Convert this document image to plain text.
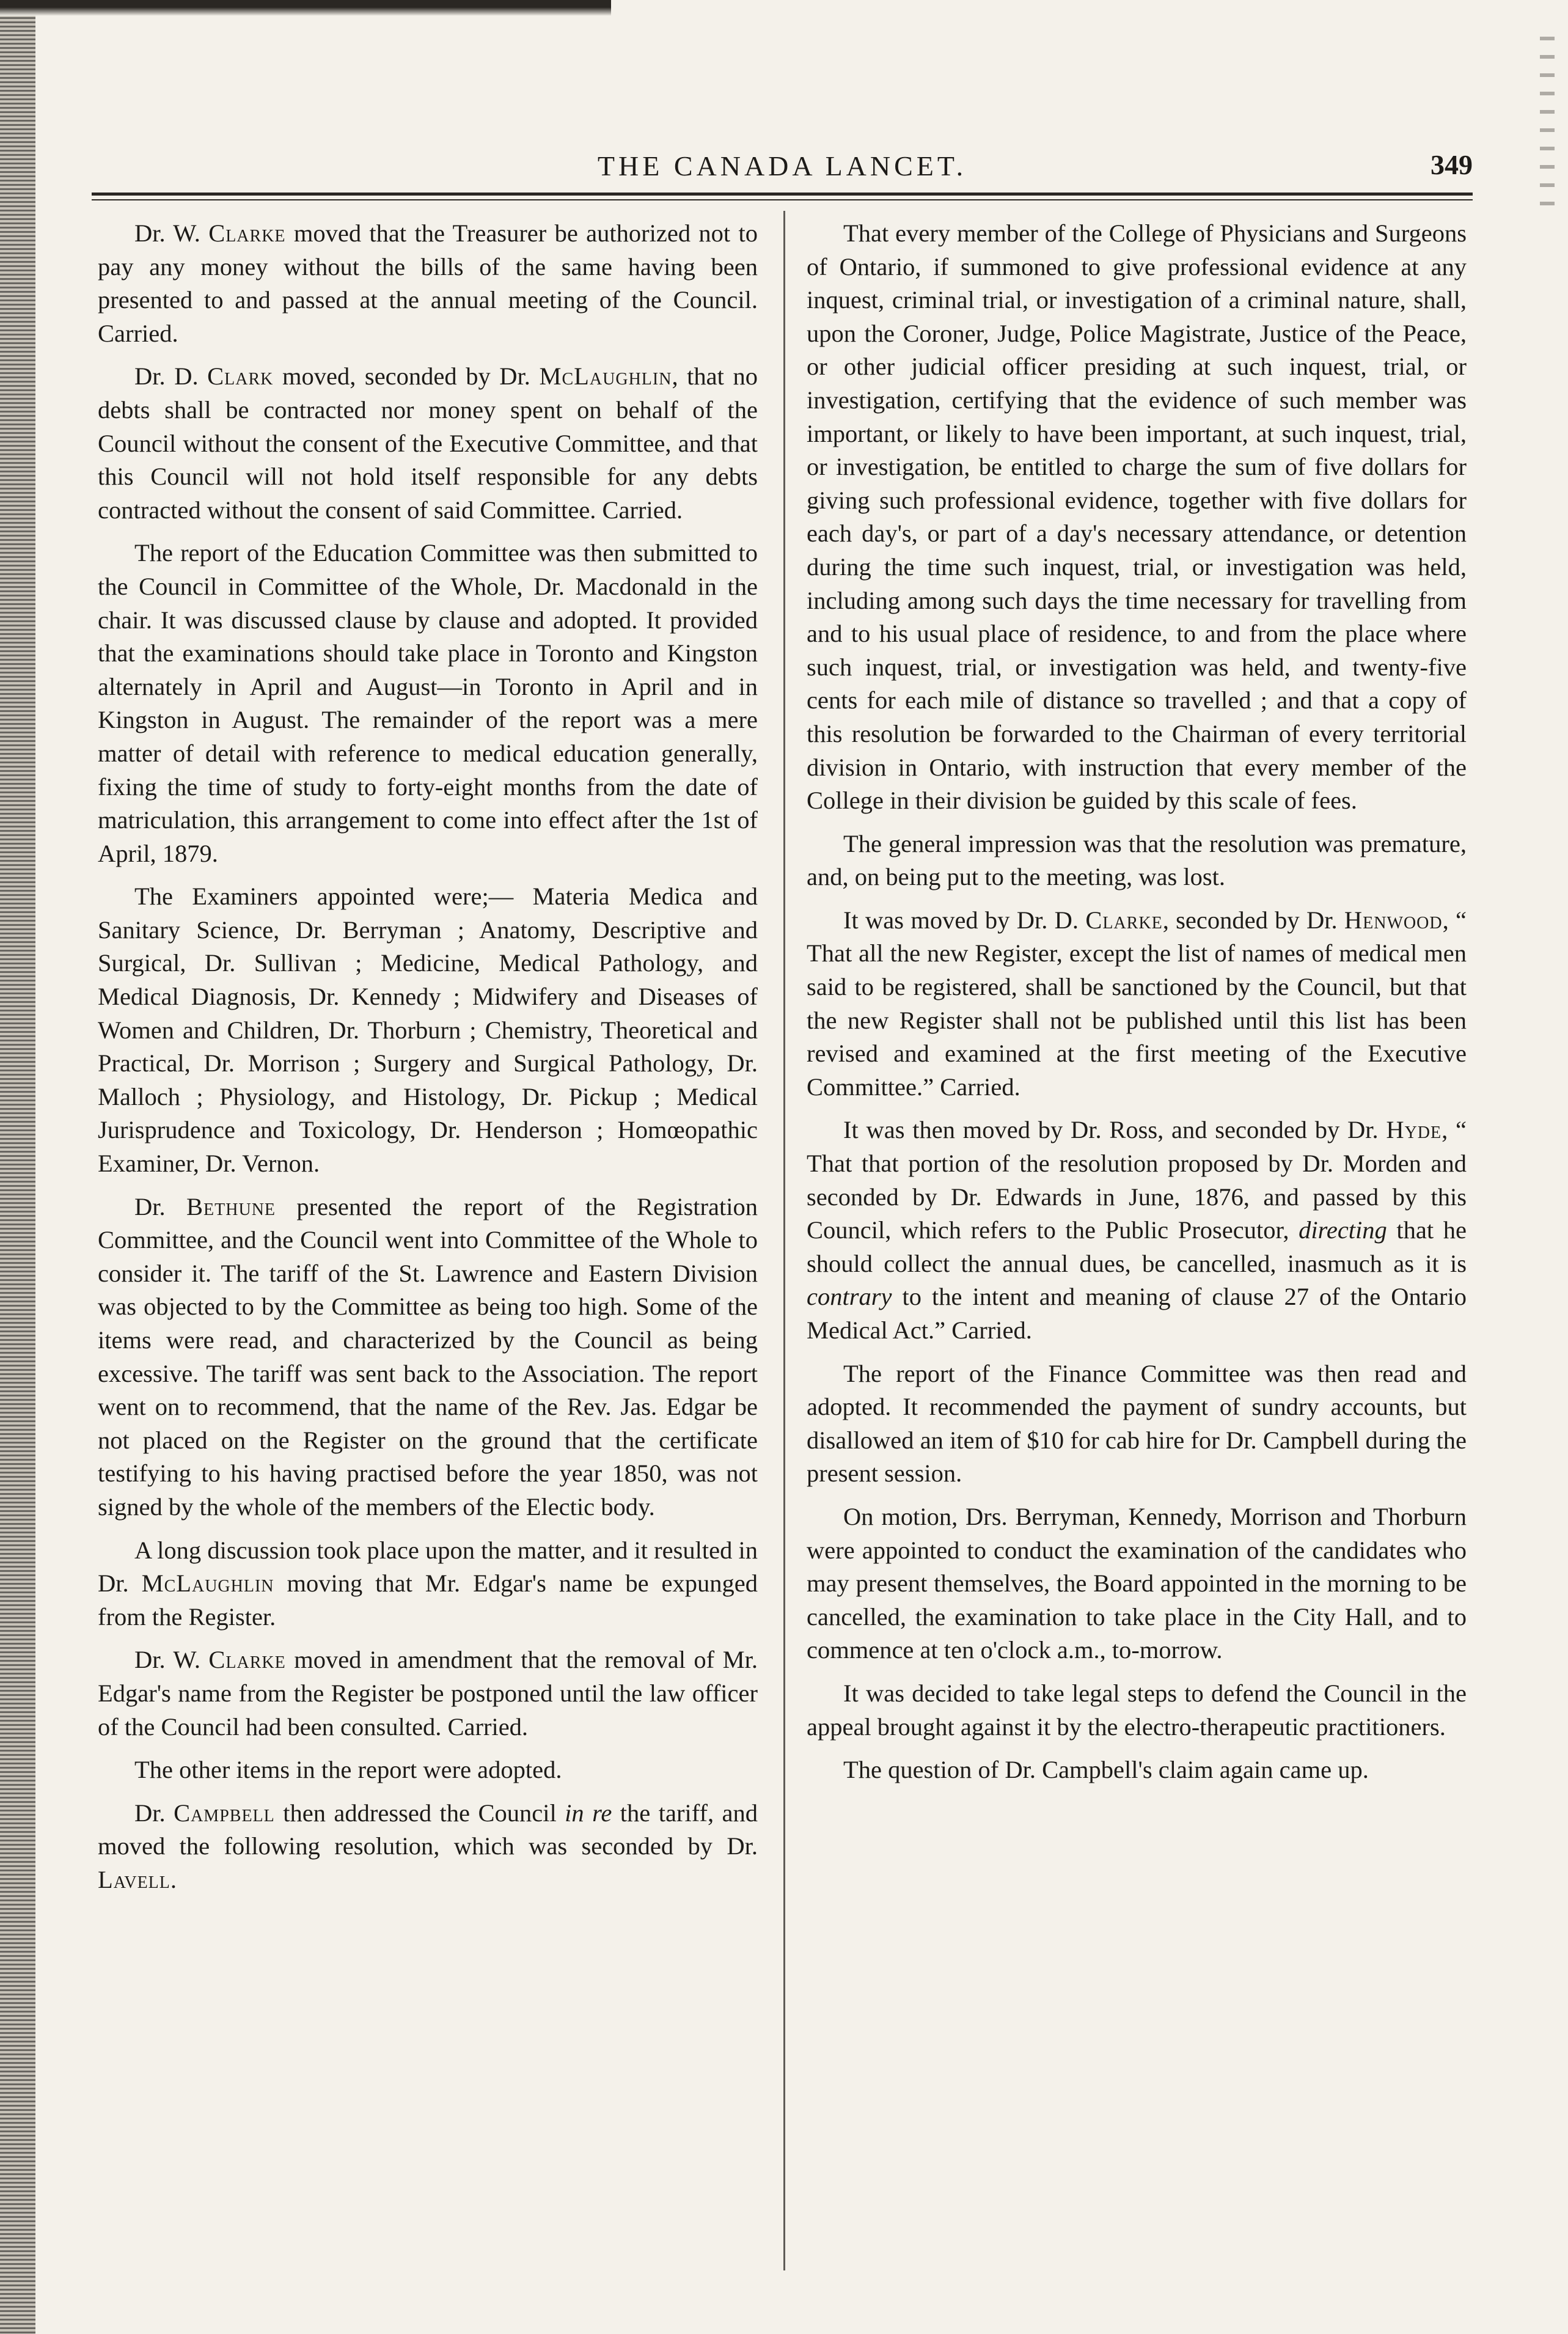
THE CANADA LANCET.	349

Dr. W. Clarke moved that the Treasurer be authorized not to pay any money without the bills of the same having been presented to and passed at the annual meeting of the Council. Carried.

Dr. D. Clark moved, seconded by Dr. McLaughlin, that no debts shall be contracted nor money spent on behalf of the Council without the consent of the Executive Committee, and that this Council will not hold itself responsible for any debts contracted without the consent of said Committee. Carried.

The report of the Education Committee was then submitted to the Council in Committee of the Whole, Dr. Macdonald in the chair. It was discussed clause by clause and adopted. It provided that the examinations should take place in Toronto and Kingston alternately in April and August—in Toronto in April and in Kingston in August. The remainder of the report was a mere matter of detail with reference to medical education generally, fixing the time of study to forty-eight months from the date of matriculation, this arrangement to come into effect after the 1st of April, 1879.

The Examiners appointed were;— Materia Medica and Sanitary Science, Dr. Berryman ; Anatomy, Descriptive and Surgical, Dr. Sullivan ; Medicine, Medical Pathology, and Medical Diagnosis, Dr. Kennedy ; Midwifery and Diseases of Women and Children, Dr. Thorburn ; Chemistry, Theoretical and Practical, Dr. Morrison ; Surgery and Surgical Pathology, Dr. Malloch ; Physiology, and Histology, Dr. Pickup ; Medical Jurisprudence and Toxicology, Dr. Henderson ; Homœopathic Examiner, Dr. Vernon.

Dr. Bethune presented the report of the Registration Committee, and the Council went into Committee of the Whole to consider it. The tariff of the St. Lawrence and Eastern Division was objected to by the Committee as being too high. Some of the items were read, and characterized by the Council as being excessive. The tariff was sent back to the Association. The report went on to recommend, that the name of the Rev. Jas. Edgar be not placed on the Register on the ground that the certificate testifying to his having practised before the year 1850, was not signed by the whole of the members of the Electic body.

A long discussion took place upon the matter, and it resulted in Dr. McLaughlin moving that Mr. Edgar's name be expunged from the Register.

Dr. W. Clarke moved in amendment that the removal of Mr. Edgar's name from the Register be postponed until the law officer of the Council had been consulted. Carried.

The other items in the report were adopted.

Dr. Campbell then addressed the Council in re the tariff, and moved the following resolution, which was seconded by Dr. Lavell.

That every member of the College of Physicians and Surgeons of Ontario, if summoned to give professional evidence at any inquest, criminal trial, or investigation of a criminal nature, shall, upon the Coroner, Judge, Police Magistrate, Justice of the Peace, or other judicial officer presiding at such inquest, trial, or investigation, certifying that the evidence of such member was important, or likely to have been important, at such inquest, trial, or investigation, be entitled to charge the sum of five dollars for giving such professional evidence, together with five dollars for each day's, or part of a day's necessary attendance, or detention during the time such inquest, trial, or investigation was held, including among such days the time necessary for travelling from and to his usual place of residence, to and from the place where such inquest, trial, or investigation was held, and twenty-five cents for each mile of distance so travelled ; and that a copy of this resolution be forwarded to the Chairman of every territorial division in Ontario, with instruction that every member of the College in their division be guided by this scale of fees.

The general impression was that the resolution was premature, and, on being put to the meeting, was lost.

It was moved by Dr. D. Clarke, seconded by Dr. Henwood, “ That all the new Register, except the list of names of medical men said to be registered, shall be sanctioned by the Council, but that the new Register shall not be published until this list has been revised and examined at the first meeting of the Executive Committee.” Carried.

It was then moved by Dr. Ross, and seconded by Dr. Hyde, “ That that portion of the resolution proposed by Dr. Morden and seconded by Dr. Edwards in June, 1876, and passed by this Council, which refers to the Public Prosecutor, directing that he should collect the annual dues, be cancelled, inasmuch as it is contrary to the intent and meaning of clause 27 of the Ontario Medical Act.” Carried.

The report of the Finance Committee was then read and adopted. It recommended the payment of sundry accounts, but disallowed an item of $10 for cab hire for Dr. Campbell during the present session.

On motion, Drs. Berryman, Kennedy, Morrison and Thorburn were appointed to conduct the examination of the candidates who may present themselves, the Board appointed in the morning to be cancelled, the examination to take place in the City Hall, and to commence at ten o'clock a.m., to-morrow.

It was decided to take legal steps to defend the Council in the appeal brought against it by the electro-therapeutic practitioners.

The question of Dr. Campbell's claim again came up.
